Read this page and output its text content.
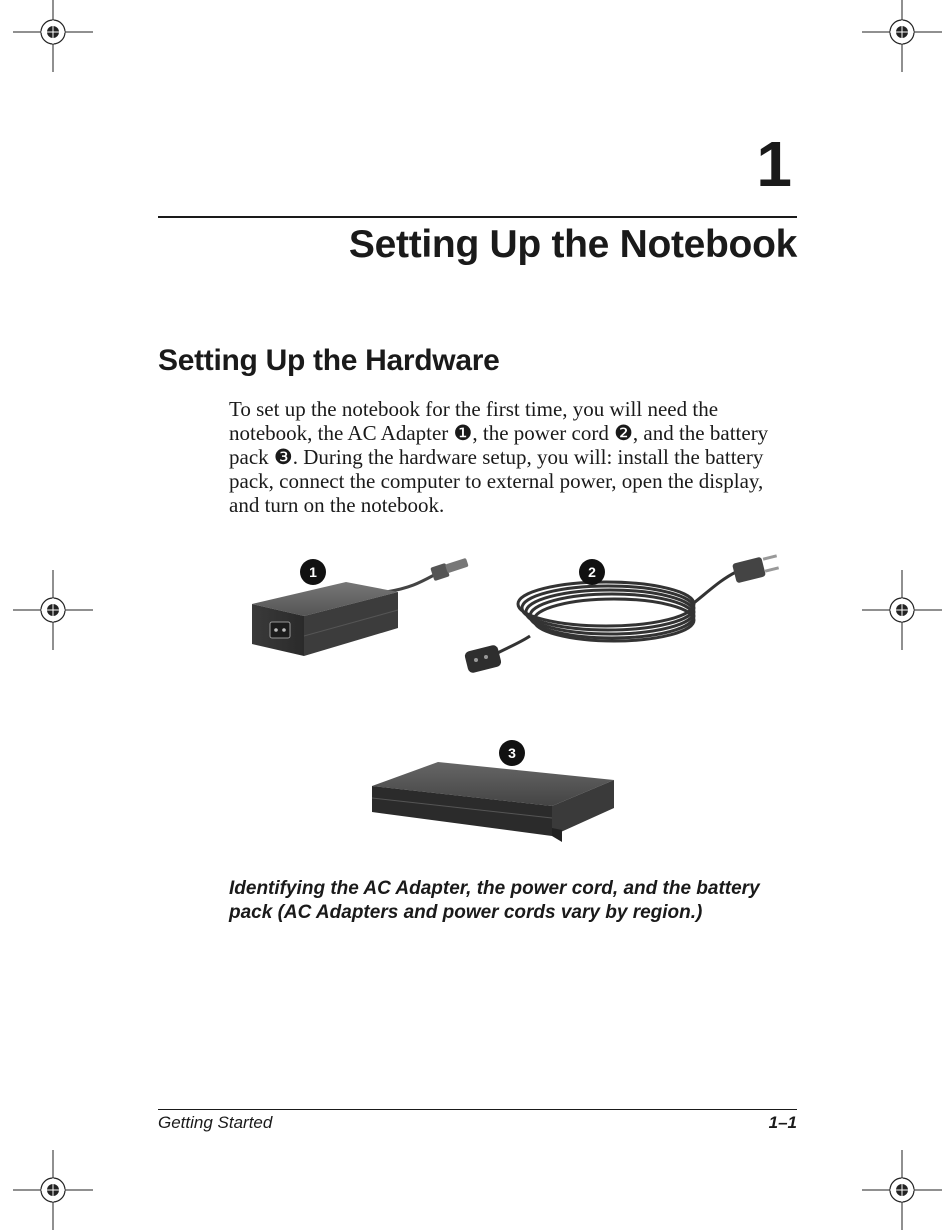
1
Setting Up the Notebook
Setting Up the Hardware

To set up the notebook for the first time, you will need the notebook, the AC Adapter ❶, the power cord ❷, and the battery pack ❸. During the hardware setup, you will: install the battery pack, connect the computer to external power, open the display, and turn on the notebook.

1	2
3

Identifying the AC Adapter, the power cord, and the battery pack (AC Adapters and power cords vary by region.)

Getting Started	1–1
